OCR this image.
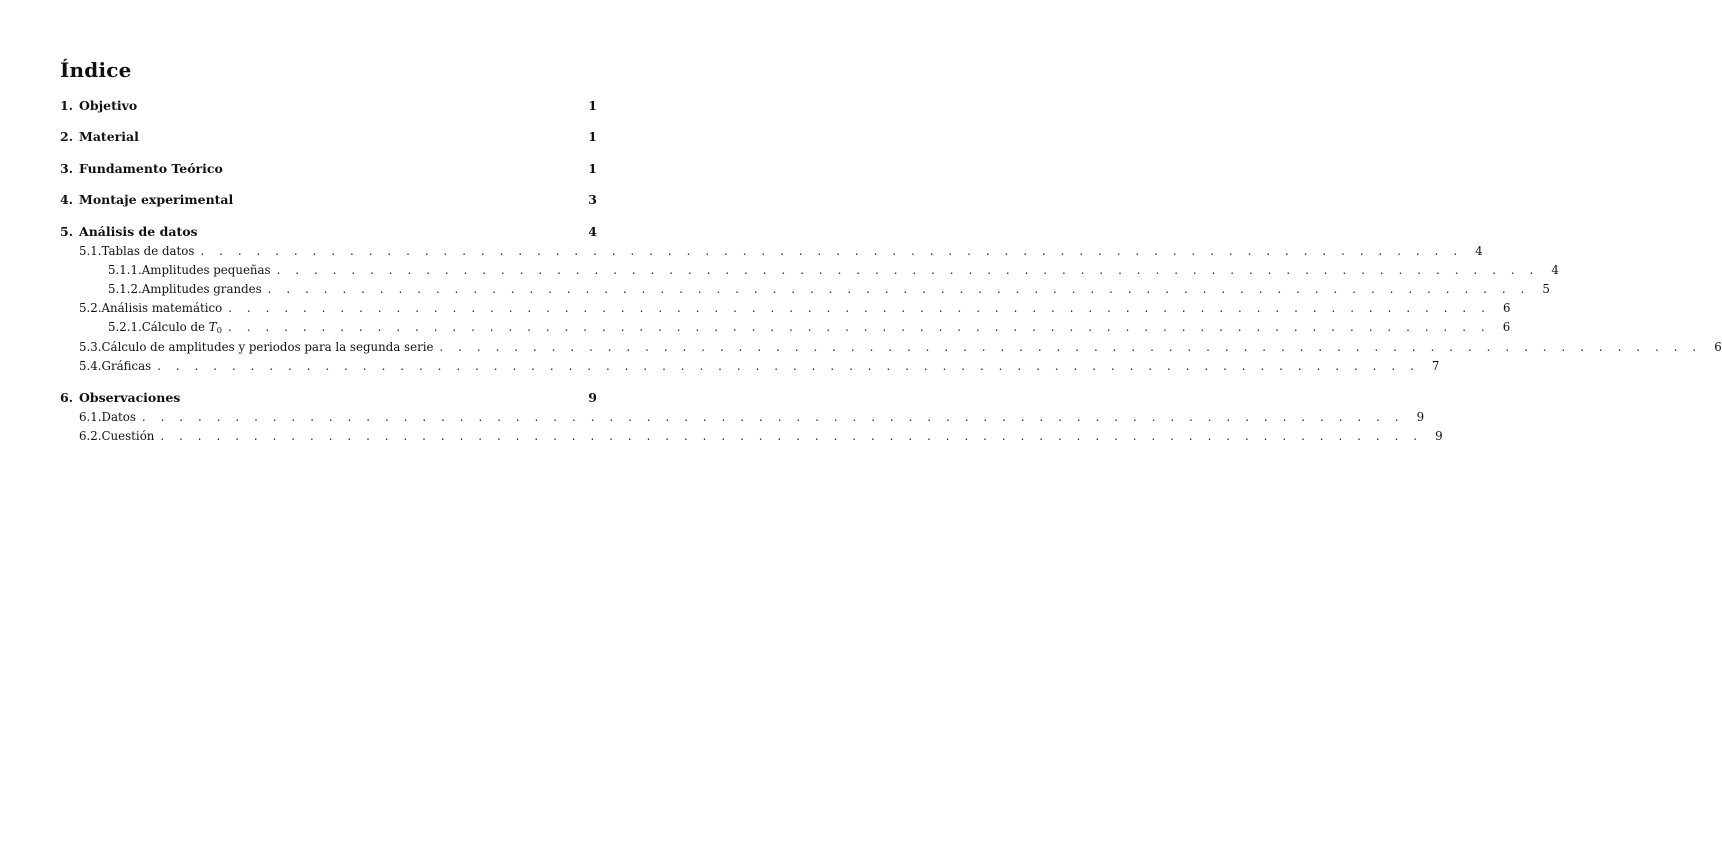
Índice
1. Objetivo	1
2. Material	1
3. Fundamento Teórico	1
4. Montaje experimental	3
5. Análisis de datos	4
5.1. Tablas de datos . . . . . . . . . . . . . . . . . . . . . . . . . . . . . . . . . . . . . . . . . . . . . . . . . . . . . . . . . . . . . . . . . . . . 4
5.1.1. Amplitudes pequeñas . . . . . . . . . . . . . . . . . . . . . . . . . . . . . . . . . . . . . . . . . . . . . . . . . . . . . . . . . . . . . . . . . . . . 4
5.1.2. Amplitudes grandes . . . . . . . . . . . . . . . . . . . . . . . . . . . . . . . . . . . . . . . . . . . . . . . . . . . . . . . . . . . . . . . . . . . . 5
5.2. Análisis matemático . . . . . . . . . . . . . . . . . . . . . . . . . . . . . . . . . . . . . . . . . . . . . . . . . . . . . . . . . . . . . . . . . . . . 6
5.2.1. Cálculo de T0 . . . . . . . . . . . . . . . . . . . . . . . . . . . . . . . . . . . . . . . . . . . . . . . . . . . . . . . . . . . . . . . . . . . . 6
5.3. Cálculo de amplitudes y periodos para la segunda serie . . . . . . . . . . . . . . . . . . . . . . . . . . . . . . . . . . . . . . . . . . . . . . . . . . . . . . . . . . . . . . . . . . . . 6
5.4. Gráficas . . . . . . . . . . . . . . . . . . . . . . . . . . . . . . . . . . . . . . . . . . . . . . . . . . . . . . . . . . . . . . . . . . . . 7
6. Observaciones	9
6.1. Datos . . . . . . . . . . . . . . . . . . . . . . . . . . . . . . . . . . . . . . . . . . . . . . . . . . . . . . . . . . . . . . . . . . . . 9
6.2. Cuestión . . . . . . . . . . . . . . . . . . . . . . . . . . . . . . . . . . . . . . . . . . . . . . . . . . . . . . . . . . . . . . . . . . . . 9
